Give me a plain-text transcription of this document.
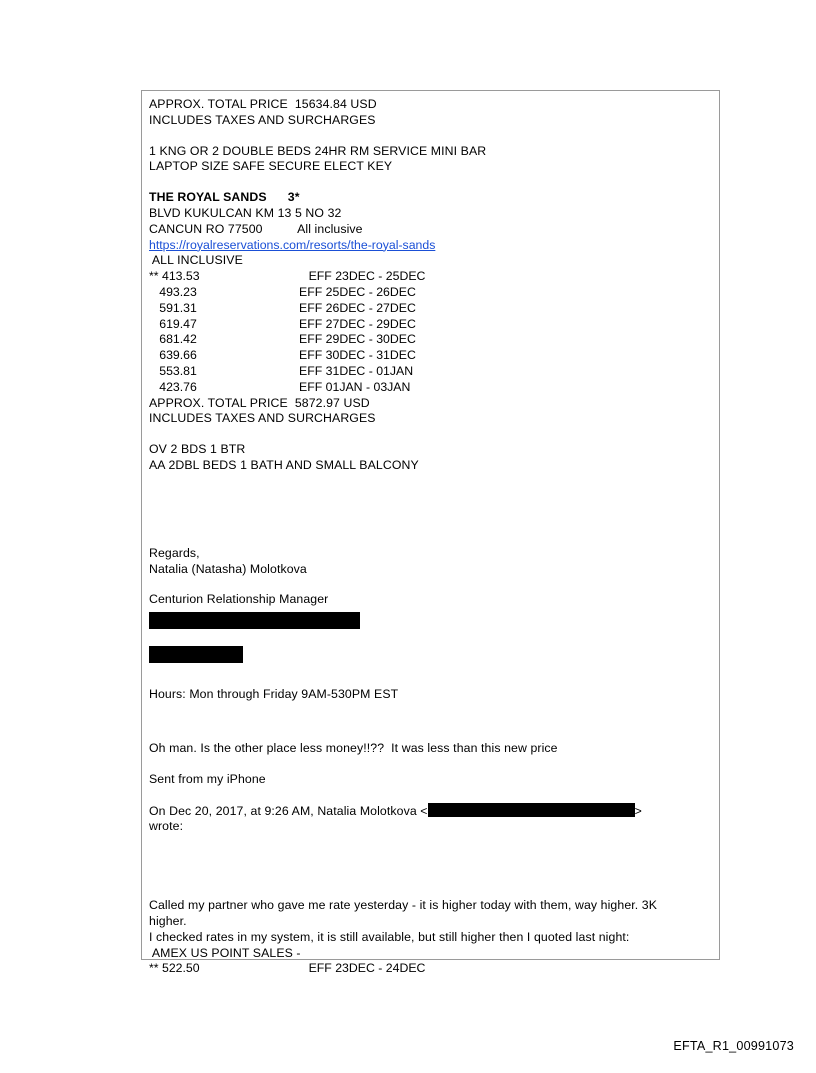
APPROX. TOTAL PRICE  15634.84 USD
INCLUDES TAXES AND SURCHARGES
1 KNG OR 2 DOUBLE BEDS 24HR RM SERVICE MINI BAR
LAPTOP SIZE SAFE SECURE ELECT KEY
THE ROYAL SANDS 3*
BLVD KUKULCAN KM 13 5 NO 32
CANCUN RO 77500	All inclusive
https://royalreservations.com/resorts/the-royal-sands
ALL INCLUSIVE
** 413.53	EFF 23DEC - 25DEC
493.23	EFF 25DEC - 26DEC
591.31	EFF 26DEC - 27DEC
619.47	EFF 27DEC - 29DEC
681.42	EFF 29DEC - 30DEC
639.66	EFF 30DEC - 31DEC
553.81	EFF 31DEC - 01JAN
423.76	EFF 01JAN - 03JAN
APPROX. TOTAL PRICE  5872.97 USD
INCLUDES TAXES AND SURCHARGES
OV 2 BDS 1 BTR
AA 2DBL BEDS 1 BATH AND SMALL BALCONY
Regards,
Natalia (Natasha) Molotkova
Centurion Relationship Manager
Hours: Mon through Friday 9AM-530PM EST
Oh man. Is the other place less money!!??  It was less than this new price
Sent from my iPhone
On Dec 20, 2017, at 9:26 AM, Natalia Molotkova <	>
wrote:
Called my partner who gave me rate yesterday - it is higher today with them, way higher. 3K
higher.
I checked rates in my system, it is still available, but still higher then I quoted last night:
AMEX US POINT SALES -
** 522.50	EFF 23DEC - 24DEC
EFTA_R1_00991073
